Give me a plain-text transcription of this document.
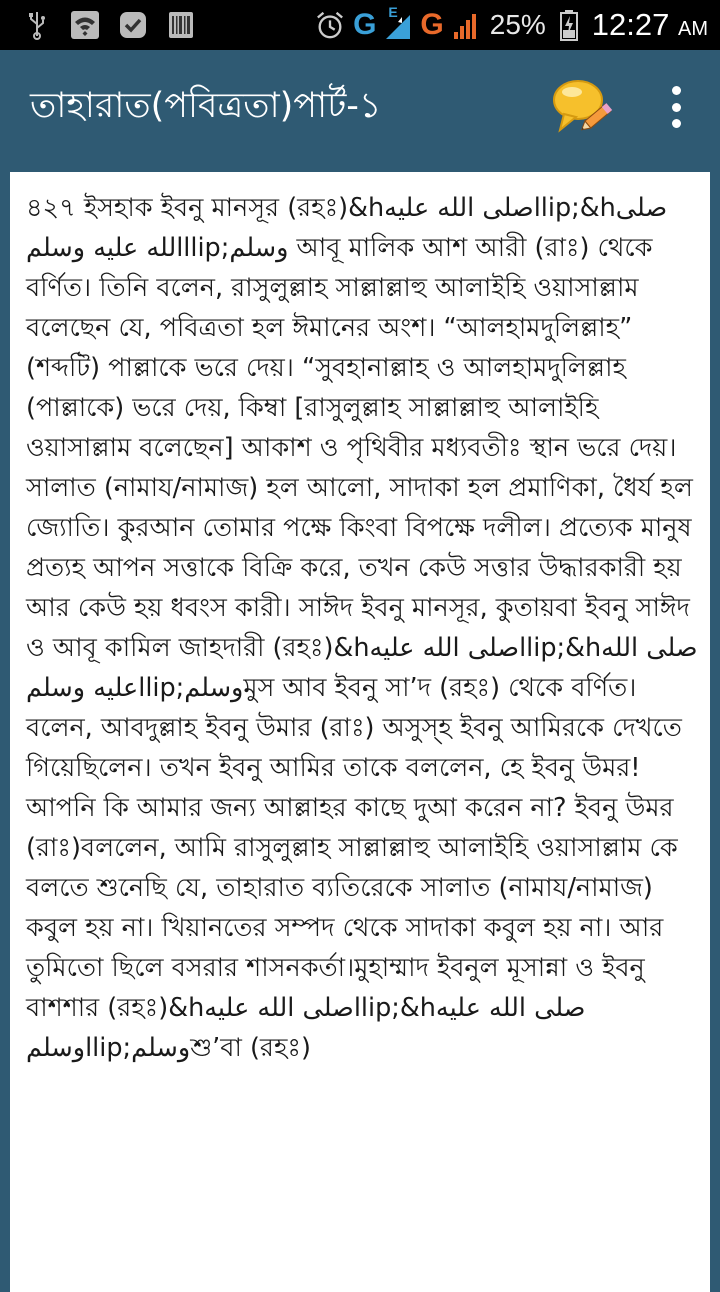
G E G 25% 12:27 AM
তাহারাত(পবিত্রতা)পার্ট-১
৪২৭ ইসহাক ইবনু মানসূর (রহঃ)&hصلى الله عليهllip;&hصلى الله عليه وسلمllip;وسلم আবূ মালিক আশ আরী (রাঃ) থেকে বর্ণিত। তিনি বলেন, রাসুলুল্লাহ সাল্লাল্লাহু আলাইহি ওয়াসাল্লাম বলেছেন যে, পবিত্রতা হল ঈমানের অংশ। “আলহামদুলিল্লাহ” (শব্দটি) পাল্লাকে ভরে দেয়। “সুবহানাল্লাহ ও আলহামদুলিল্লাহ (পাল্লাকে) ভরে দেয়, কিম্বা [রাসুলুল্লাহ সাল্লাল্লাহু আলাইহি ওয়াসাল্লাম বলেছেন] আকাশ ও পৃথিবীর মধ্যবতীঃ স্থান ভরে দেয়। সালাত (নামায/নামাজ) হল আলো, সাদাকা হল প্রমাণিকা, ধৈর্য হল জ্যোতি। কুরআন তোমার পক্ষে কিংবা বিপক্ষে দলীল। প্রত্যেক মানুষ প্রত্যহ আপন সত্তাকে বিক্রি করে, তখন কেউ সত্তার উদ্ধারকারী হয় আর কেউ হয় ধবংস কারী। সাঈদ ইবনু মানসূর, কুতায়বা ইবনু সাঈদ ও আবূ কামিল জাহদারী (রহঃ)&hصلى الله عليهllip;&hصلى الله عليه وسلمllip;وسلمমুস আব ইবনু সা’দ (রহঃ) থেকে বর্ণিত। বলেন, আবদুল্লাহ ইবনু উমার (রাঃ) অসুস্হ ইবনু আমিরকে দেখতে গিয়েছিলেন। তখন ইবনু আমির তাকে বললেন, হে ইবনু উমর! আপনি কি আমার জন্য আল্লাহর কাছে দুআ করেন না? ইবনু উমর (রাঃ)বললেন, আমি রাসুলুল্লাহ সাল্লাল্লাহু আলাইহি ওয়াসাল্লাম কে বলতে শুনেছি যে, তাহারাত ব্যতিরেকে সালাত (নামায/নামাজ) কবুল হয় না। খিয়ানতের সম্পদ থেকে সাদাকা কবুল হয় না। আর তুমিতো ছিলে বসরার শাসনকর্তা।মুহাম্মাদ ইবনুল মূসান্না ও ইবনু বাশশার (রহঃ)&hصلى الله عليهllip;&hصلى الله عليه وسلمllip;وسلمশু’বা (রহঃ)
